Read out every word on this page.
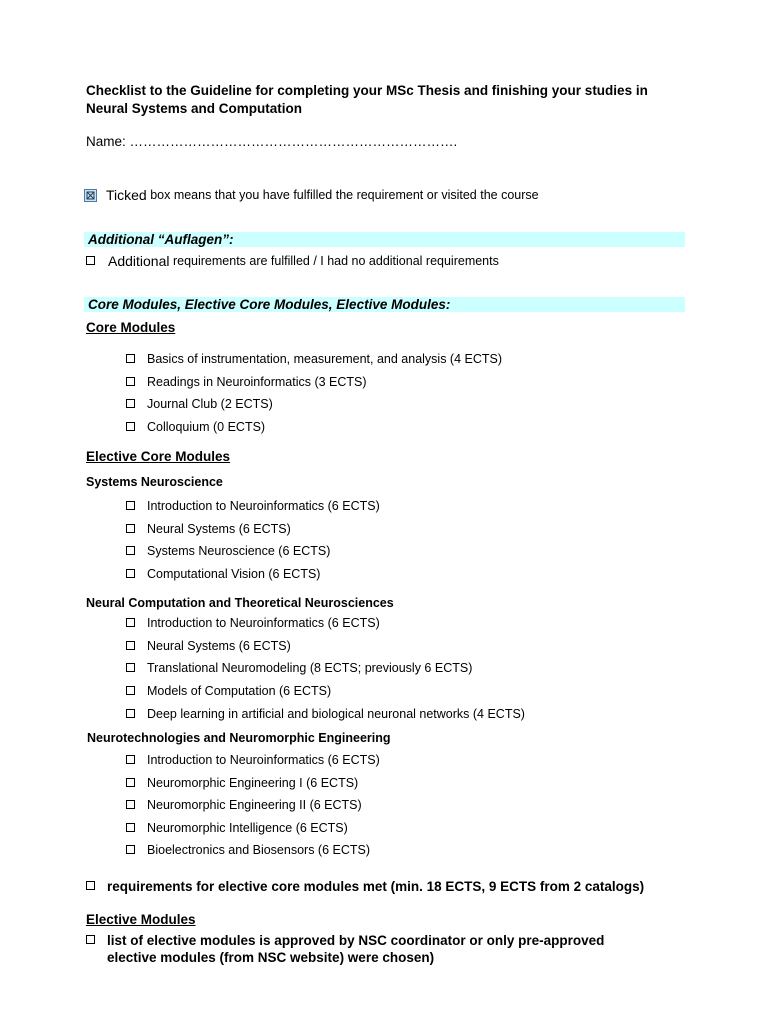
Checklist to the Guideline for completing your MSc Thesis and finishing your studies in Neural Systems and Computation
Name: ……………………………………………………………….
Ticked box means that you have fulfilled the requirement or visited the course
Additional “Auflagen”:
Additional requirements are fulfilled / I had no additional requirements
Core Modules, Elective Core Modules, Elective Modules:
Core Modules
Basics of instrumentation, measurement, and analysis (4 ECTS)
Readings in Neuroinformatics (3 ECTS)
Journal Club (2 ECTS)
Colloquium (0 ECTS)
Elective Core Modules
Systems Neuroscience
Introduction to Neuroinformatics (6 ECTS)
Neural Systems (6 ECTS)
Systems Neuroscience (6 ECTS)
Computational Vision (6 ECTS)
Neural Computation and Theoretical Neurosciences
Introduction to Neuroinformatics (6 ECTS)
Neural Systems (6 ECTS)
Translational Neuromodeling (8 ECTS; previously 6 ECTS)
Models of Computation (6 ECTS)
Deep learning in artificial and biological neuronal networks (4 ECTS)
Neurotechnologies and Neuromorphic Engineering
Introduction to Neuroinformatics (6 ECTS)
Neuromorphic Engineering I (6 ECTS)
Neuromorphic Engineering II (6 ECTS)
Neuromorphic Intelligence (6 ECTS)
Bioelectronics and Biosensors (6 ECTS)
requirements for elective core modules met (min. 18 ECTS, 9 ECTS from 2 catalogs)
Elective Modules
list of elective modules is approved by NSC coordinator or only pre-approved
elective modules (from NSC website) were chosen)
